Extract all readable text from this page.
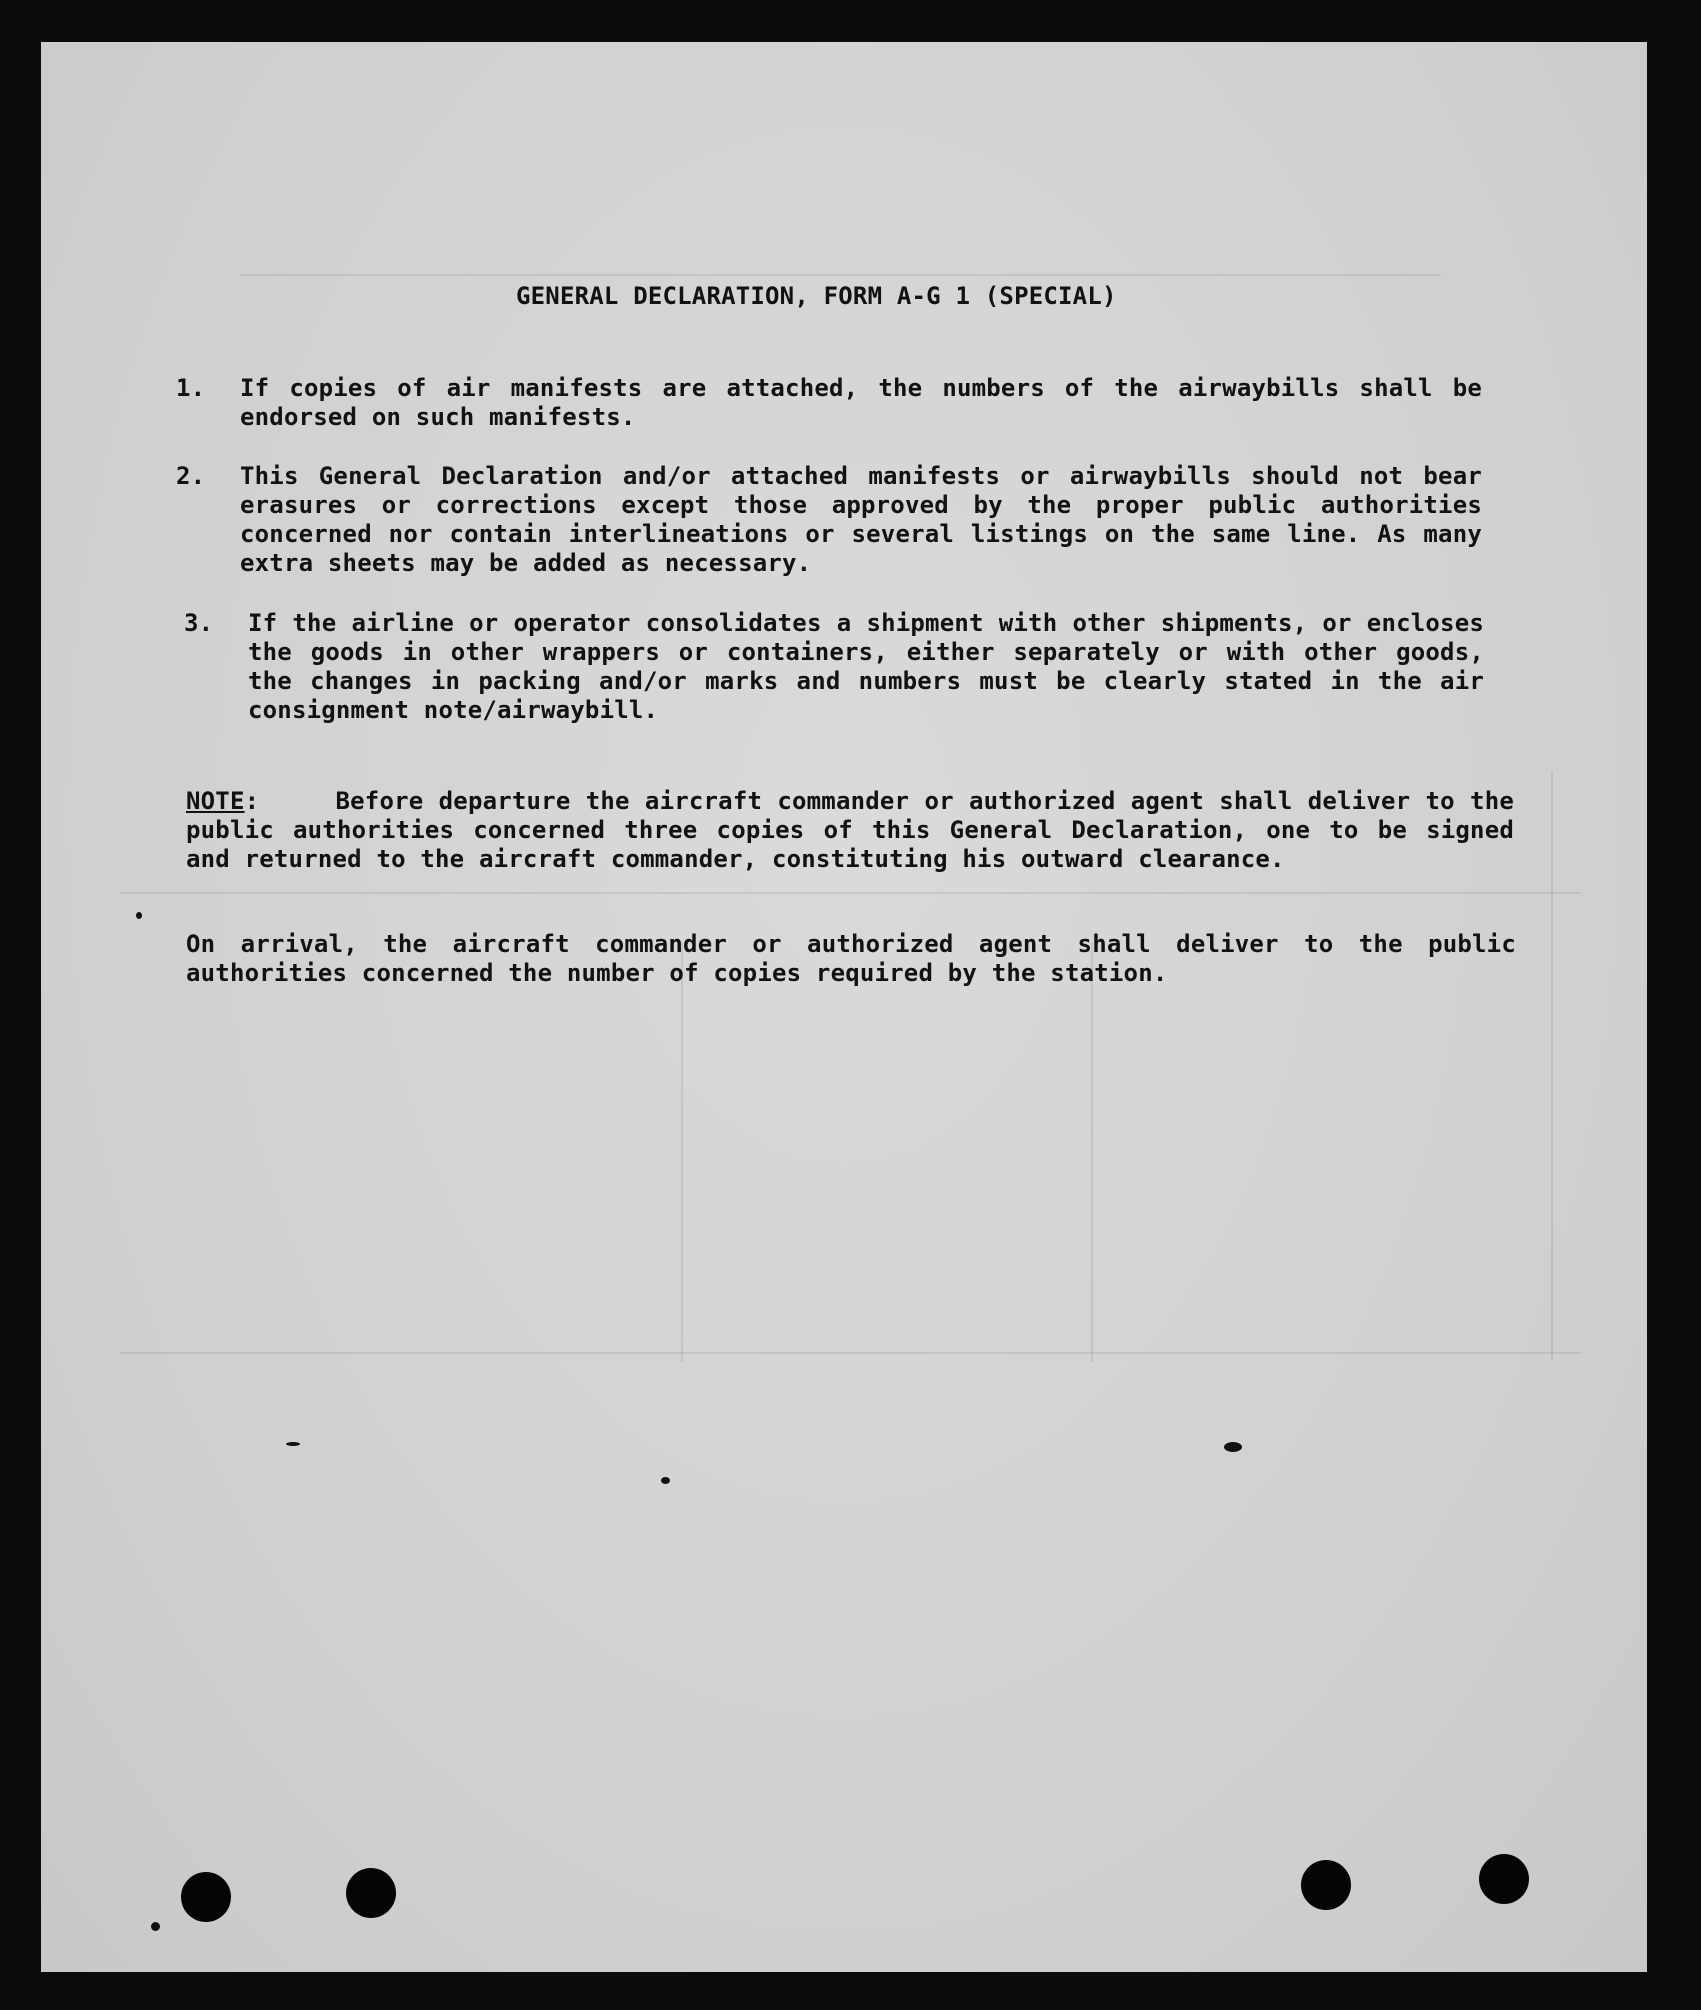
GENERAL DECLARATION, FORM A-G 1 (SPECIAL)
1.	If copies of air manifests are attached, the numbers of the airwaybills shall be endorsed on such manifests.
2.	This General Declaration and/or attached manifests or airwaybills should not bear erasures or corrections except those approved by the proper public authorities concerned nor contain interlineations or several listings on the same line. As many extra sheets may be added as necessary.
3.	If the airline or operator consolidates a shipment with other shipments, or encloses the goods in other wrappers or containers, either separately or with other goods, the changes in packing and/or marks and numbers must be clearly stated in the air consignment note/airwaybill.
NOTE:     Before departure the aircraft commander or authorized agent shall deliver to the public authorities concerned three copies of this General Declaration, one to be signed and returned to the aircraft commander, constituting his outward clearance.
On arrival, the aircraft commander or authorized agent shall deliver to the public authorities concerned the number of copies required by the station.
